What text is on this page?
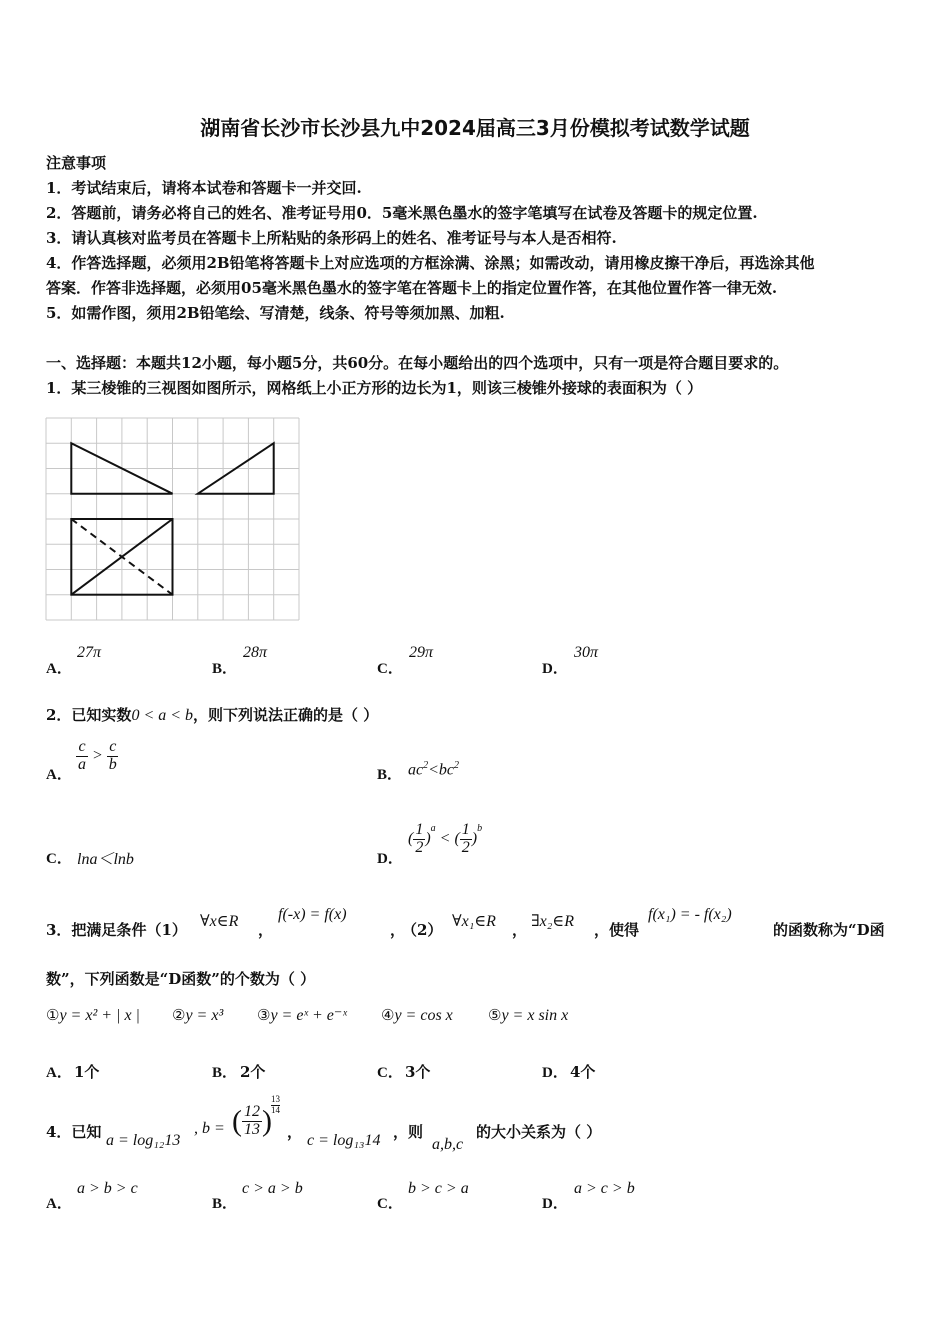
湖南省长沙市长沙县九中2024届高三3月份模拟考试数学试题
注意事项
1．考试结束后，请将本试卷和答题卡一并交回.
2．答题前，请务必将自己的姓名、准考证号用0．5毫米黑色墨水的签字笔填写在试卷及答题卡的规定位置.
3．请认真核对监考员在答题卡上所粘贴的条形码上的姓名、准考证号与本人是否相符.
4．作答选择题，必须用2B铅笔将答题卡上对应选项的方框涂满、涂黑；如需改动，请用橡皮擦干净后，再选涂其他
答案．作答非选择题，必须用05毫米黑色墨水的签字笔在答题卡上的指定位置作答，在其他位置作答一律无效.
5．如需作图，须用2B铅笔绘、写清楚，线条、符号等须加黑、加粗.
一、选择题：本题共12小题，每小题5分，共60分。在每小题给出的四个选项中，只有一项是符合题目要求的。
1．某三棱锥的三视图如图所示，网格纸上小正方形的边长为1，则该三棱锥外接球的表面积为（ ）
A．
27π
B．
28π
C．
29π
D．
30π
2．已知实数0 < a < b，则下列说法正确的是（ ）
A．
$\frac{c}{a} > \frac{c}{b}$
B． $ac^2<bc^2$
C． lna＜lnb	D．
( $\frac{1}{2} )^a$ < ( $\frac{1}{2} )^b$
3．把满足条件（1） ∀x∈R ，
f(-x) = f(x)
，
（2） ∀x₁∈R ， ∃x₂∈R ，使得
f(x₁) = - f(x₂)
的函数称为“D函
数”，下列函数是“D函数”的个数为（ ）
①y = x² + | x | ②y = x³ ③y = eˣ + e⁻ˣ ④y = cos x ⑤y = x sin x
A． 1个	B． 2个	C． 3个	D． 4个
4．已知 a = log₁₂13
, b = ( $\frac{12}{13}$ ) $\frac{13}{14}$
， c = log₁₃14 ，则
a,b,c
的大小关系为（ ）
A．
a > b > c
B．
c > a > b
C．
b > c > a
D．
a > c > b
